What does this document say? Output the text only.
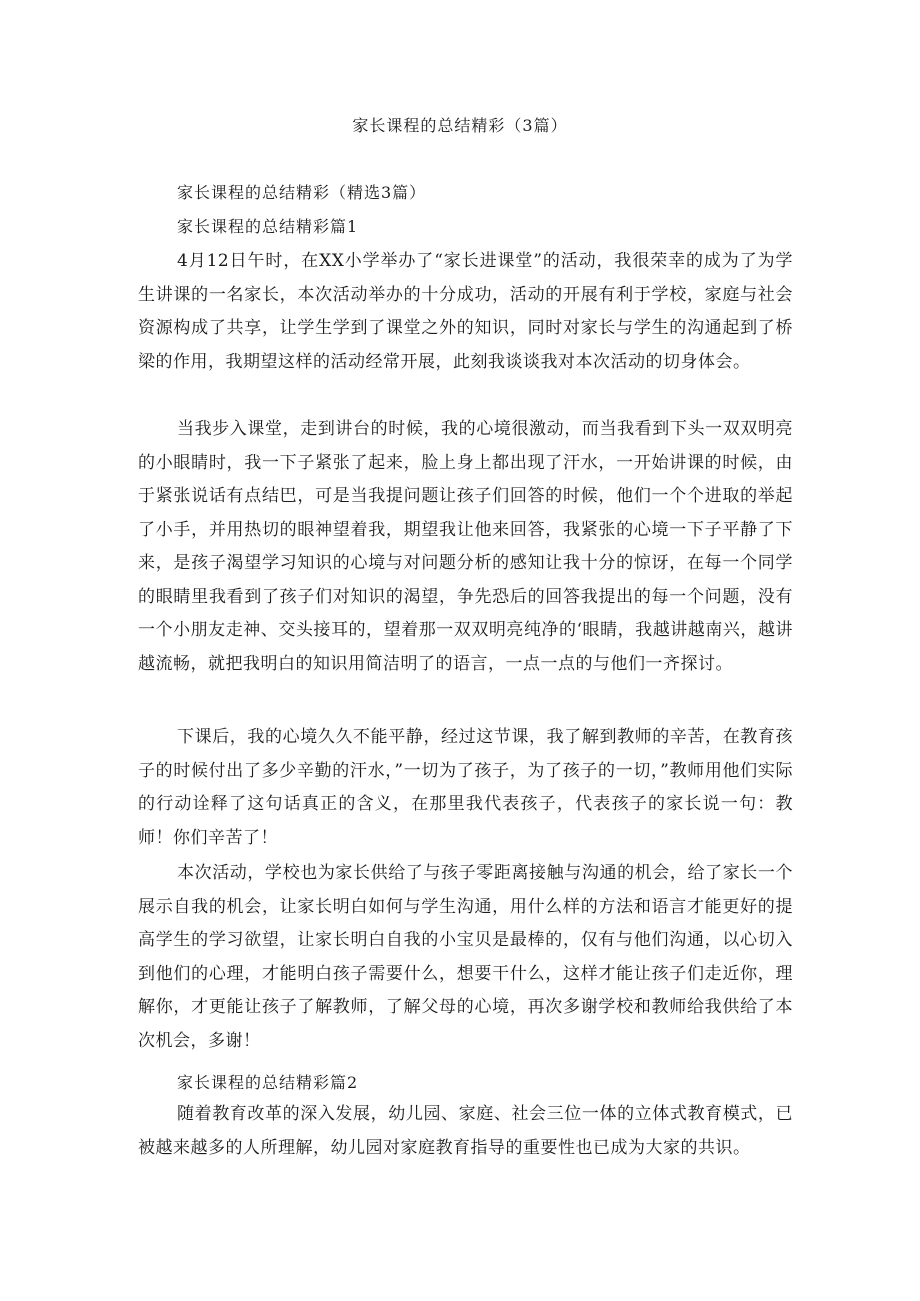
家长课程的总结精彩（3篇）
家长课程的总结精彩（精选3篇）
家长课程的总结精彩篇1

4月12日午时，在XX小学举办了“家长进课堂”的活动，我很荣幸的成为了为学生讲课的一名家长，本次活动举办的十分成功，活动的开展有利于学校，家庭与社会资源构成了共享，让学生学到了课堂之外的知识，同时对家长与学生的沟通起到了桥梁的作用，我期望这样的活动经常开展，此刻我谈谈我对本次活动的切身体会。

当我步入课堂，走到讲台的时候，我的心境很激动，而当我看到下头一双双明亮的小眼睛时，我一下子紧张了起来，脸上身上都出现了汗水，一开始讲课的时候，由于紧张说话有点结巴，可是当我提问题让孩子们回答的时候，他们一个个进取的举起了小手，并用热切的眼神望着我，期望我让他来回答，我紧张的心境一下子平静了下来，是孩子渴望学习知识的心境与对问题分析的感知让我十分的惊讶，在每一个同学的眼睛里我看到了孩子们对知识的渴望，争先恐后的回答我提出的每一个问题，没有一个小朋友走神、交头接耳的，望着那一双双明亮纯净的‘眼睛，我越讲越南兴，越讲越流畅，就把我明白的知识用简洁明了的语言，一点一点的与他们一齐探讨。

下课后，我的心境久久不能平静，经过这节课，我了解到教师的辛苦，在教育孩子的时候付出了多少辛勤的汗水，”一切为了孩子，为了孩子的一切，”教师用他们实际的行动诠释了这句话真正的含义，在那里我代表孩子，代表孩子的家长说一句：教师！你们辛苦了！

本次活动，学校也为家长供给了与孩子零距离接触与沟通的机会，给了家长一个展示自我的机会，让家长明白如何与学生沟通，用什么样的方法和语言才能更好的提高学生的学习欲望，让家长明白自我的小宝贝是最棒的，仅有与他们沟通，以心切入到他们的心理，才能明白孩子需要什么，想要干什么，这样才能让孩子们走近你，理解你，才更能让孩子了解教师，了解父母的心境，再次多谢学校和教师给我供给了本次机会，多谢！

家长课程的总结精彩篇2

随着教育改革的深入发展，幼儿园、家庭、社会三位一体的立体式教育模式，已被越来越多的人所理解，幼儿园对家庭教育指导的重要性也已成为大家的共识。
